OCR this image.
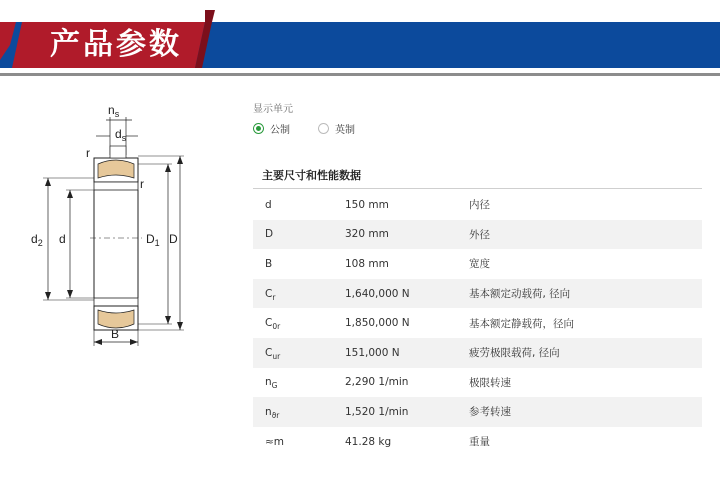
产品参数
$n_s$
$d_s$
r
r
$d_2$ d	$D_1$ D
B
显示单元
公制	英制
主要尺寸和性能数据
d	150 mm	内径
D	320 mm	外径
B	108 mm	宽度
$C_r$	1,640,000 N	基本额定动载荷, 径向
$C_{0r}$	1,850,000 N	基本额定静载荷，径向
$C_{ur}$	151,000 N	疲劳极限载荷, 径向
$n_G$	2,290 1/min	极限转速
$n_{ϑr}$	1,520 1/min	参考转速
≈m	41.28 kg	重量
